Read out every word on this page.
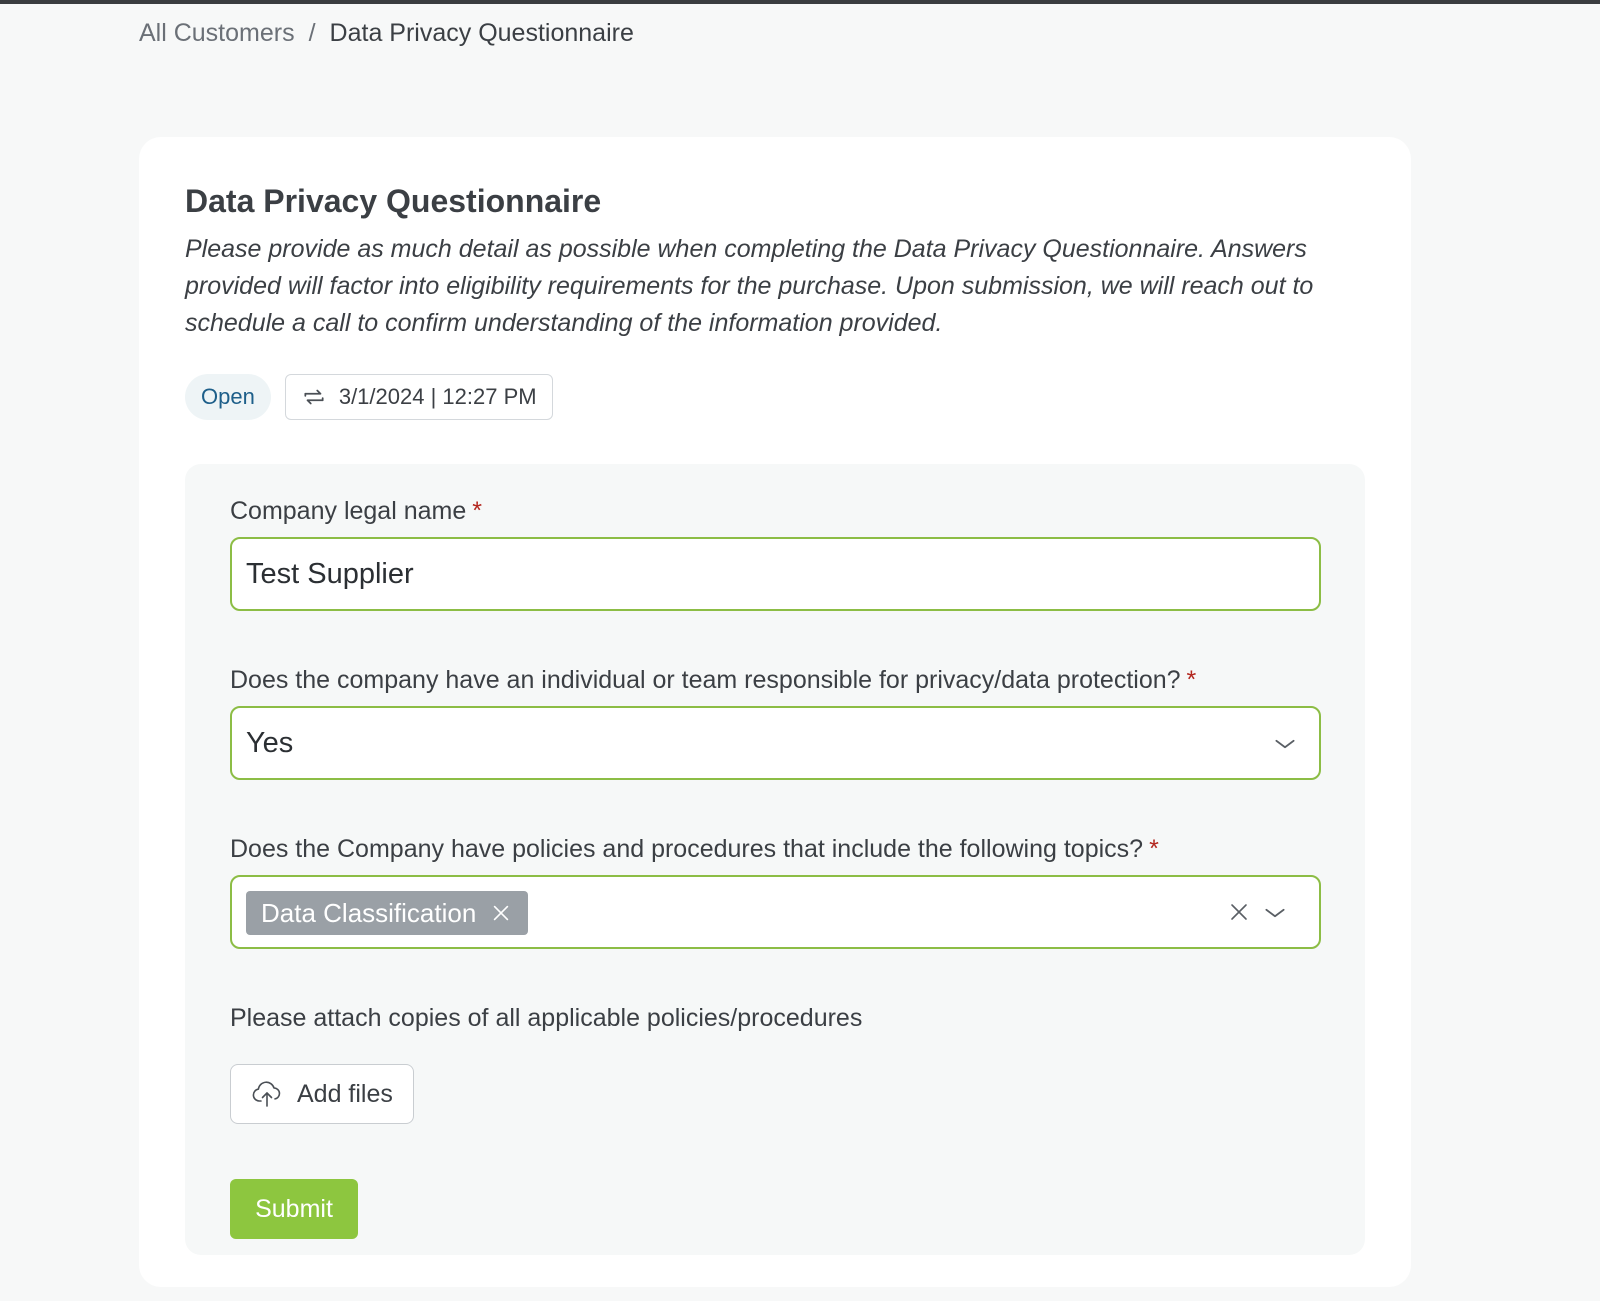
All Customers / Data Privacy Questionnaire
Data Privacy Questionnaire

Please provide as much detail as possible when completing the Data Privacy Questionnaire. Answers provided will factor into eligibility requirements for the purchase. Upon submission, we will reach out to schedule a call to confirm understanding of the information provided.

Open	3/1/2024 | 12:27 PM
Company legal name *
Test Supplier
Does the company have an individual or team responsible for privacy/data protection? *
Yes
Does the Company have policies and procedures that include the following topics? *
Data Classification
Please attach copies of all applicable policies/procedures
Add files
Submit
